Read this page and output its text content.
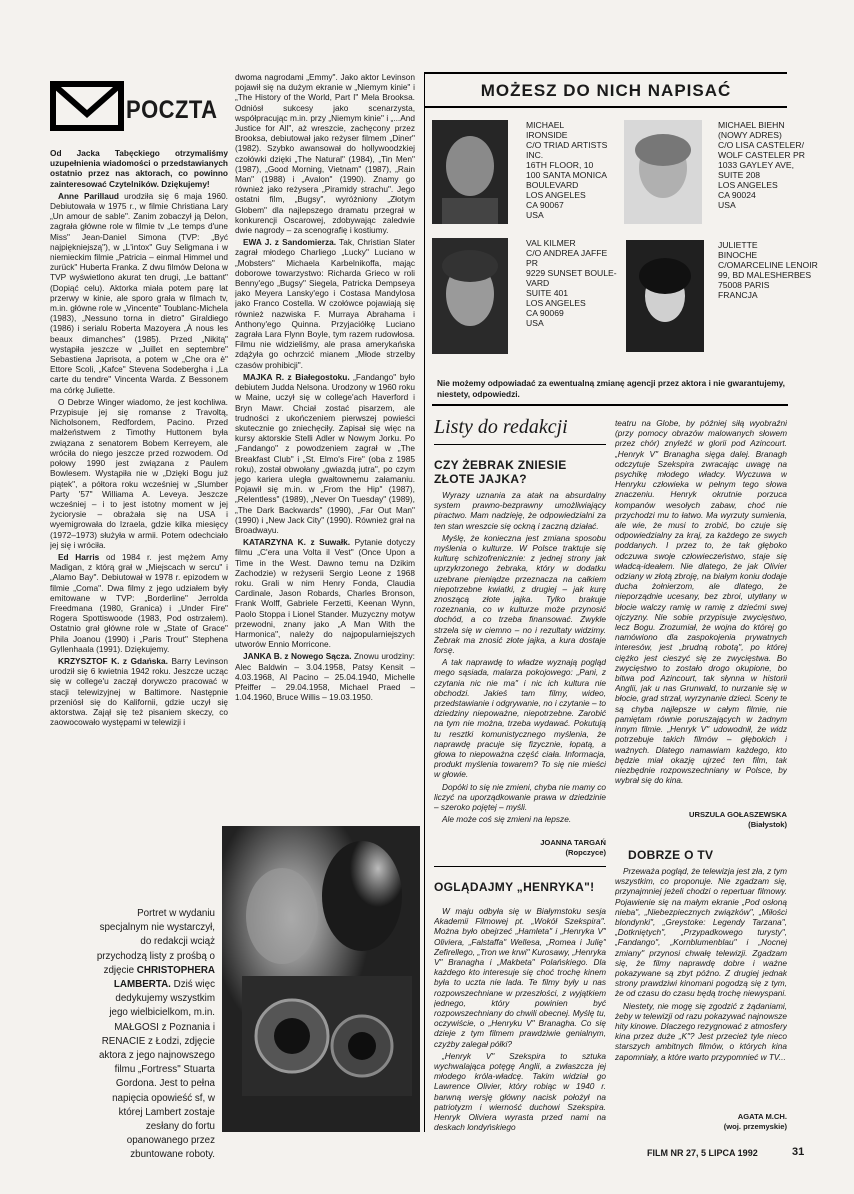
POCZTA

Od Jacka Tabęckiego otrzymaliśmy uzupełnienia wiadomości o przedstawianych ostatnio przez nas aktorach, co powinno zainteresować Czytelników. Dziękujemy!

Anne Parillaud urodziła się 6 maja 1960. Debiutowała w 1975 r., w filmie Christiana Lary „Un amour de sable". Zanim zobaczył ją Delon, zagrała główne role w filmie tv „Le temps d'une Miss" Jean-Daniel Simona (TVP: „Być najpiękniejszą"), w „L'intox" Guy Seligmana i w niemieckim filmie „Patricia – einmal Himmel und zurück" Huberta Franka. Z dwu filmów Delona w TVP wyświetlono akurat ten drugi, „Le battant" (Dopiąć celu). Aktorka miała potem parę lat przerwy w kinie, ale sporo grała w filmach tv, m.in. główne role w „Vincente" Toublanc-Michela (1983), „Nessuno torna in dietro" Giraldiego (1986) i serialu Roberta Mazoyera „À nous les beaux dimanches" (1985). Przed „Nikitą" wystąpiła jeszcze w „Juillet en septembre" Sebastiena Japrisota, a potem w „Che ora è" Ettore Scoli, „Kafce" Stevena Sodeberghа i „La carte du tendre" Vincenta Warda. Z Bessonem ma córkę Juliette.

O Debrze Winger wiadomo, że jest kochliwa. Przypisuje jej się romanse z Travoltą, Nicholsonem, Redfordem, Pacino. Przed małżeństwem z Timothy Huttonem była związana z senatorem Bobem Kerreyem, ale wróciła do niego jeszcze przed rozwodem. Od połowy 1990 jest związana z Paulem Bowlesem. Wystąpiła nie w „Dzięki Bogu już piątek", a półtora roku wcześniej w „Slumber Party '57" Williama A. Leveya. Jeszcze wcześniej – i to jest istotny moment w jej życiorysie – obrażała się na USA i wyemigrowała do Izraela, gdzie kilka miesięcy (1972–1973) służyła w armii. Potem odechciało jej się i wróciła.

Ed Harris od 1984 r. jest mężem Amy Madigan, z którą grał w „Miejscach w sercu" i „Alamo Bay". Debiutował w 1978 r. epizodem w filmie „Coma". Dwa filmy z jego udziałem były emitowane w TVP: „Borderline" Jerrolda Freedmana (1980, Granica) i „Under Fire" Rogera Spottiswoode (1983, Pod ostrzałem). Ostatnio grał główne role w „State of Grace" Phila Joanou (1990) i „Paris Trout" Stephena Gyllenhaala (1991). Dziękujemy.

KRZYSZTOF K. z Gdańska. Barry Levinson urodził się 6 kwietnia 1942 roku. Jeszcze ucząc się w college'u zaczął dorywczo pracować w stacji telewizyjnej w Baltimore. Następnie przeniósł się do Kalifornii, gdzie uczył się aktorstwa. Zajął się też pisaniem skeczy, co zaowocowało występami w telewizji i

dwoma nagrodami „Emmy". Jako aktor Levinson pojawił się na dużym ekranie w „Niemym kinie" i „The History of the World, Part I" Mela Brooksa. Odniósł sukcesy jako scenarzysta, współpracując m.in. przy „Niemym kinie" i „...And Justice for All", aż wreszcie, zachęcony przez Brooksa, debiutował jako reżyser filmem „Diner" (1982). Szybko awansował do hollywoodzkiej czołówki dzięki „The Natural" (1984), „Tin Men" (1987), „Good Morning, Vietnam" (1987), „Rain Man" (1988) i „Avalon" (1990). Znamy go również jako reżysera „Piramidy strachu". Jego ostatni film, „Bugsy", wyróżniony „Złotym Globem" dla najlepszego dramatu przegrał w konkurencji Oscarowej, zdobywając zaledwie dwie nagrody – za scenografię i kostiumy.

EWA J. z Sandomierza. Tak, Christian Slater zagrał młodego Charlіego „Lucky" Luciano w „Mobsters" Michaela Karbelnikoffa, mając doborowe towarzystwo: Richarda Grieco w roli Benny'ego „Bugsy" Siegela, Patricka Dempseya jako Meyera Lansky'ego i Costasa Mandylosa jako Franco Costella. W czołówce pojawiają się również nazwiska F. Murraya Abrahama i Anthony'ego Quinna. Przyjaciółkę Luciano zagrała Lara Flynn Boyle, tym razem rudowłosa. Filmu nie widzieliśmy, ale prasa amerykańska zdążyła go ochrzcić mianem „Młode strzelby czasów prohibicji".

MAJKA R. z Białegostoku. „Fandango" było debiutem Judda Nelsona. Urodzony w 1960 roku w Maine, uczył się w college'ach Haverford i Bryn Mawr. Chciał zostać pisarzem, ale trudności z ukończeniem pierwszej powieści skutecznie go zniechęciły. Zapisał się więc na kursy aktorskie Stelli Adler w Nowym Jorku. Po „Fandango" z powodzeniem zagrał w „The Breakfast Club" i „St. Elmo's Fire" (oba z 1985 roku), został obwołany „gwiazdą jutra", po czym jego kariera uległa gwałtownemu załamaniu. Pojawił się m.in. w „From the Hip" (1987), „Relentless" (1989), „Never On Tuesday" (1989), „The Dark Backwards" (1990), „Far Out Man" (1990) i „New Jack City" (1990). Również grał na Broadwayu.

KATARZYNA K. z Suwałk. Pytanie dotyczy filmu „C'era una Volta il Vest" (Once Upon a Time in the West. Dawno temu na Dzikim Zachodzie) w reżyserii Sergio Leone z 1968 roku. Grali w nim Henry Fonda, Claudia Cardinale, Jason Robards, Charles Bronson, Frank Wolff, Gabriele Ferzetti, Keenan Wynn, Paolo Stoppa i Lionel Stander. Muzyczny motyw przewodni, znany jako „A Man With the Harmonica", należy do najpopularniejszych utworów Ennio Morricone.

JANKA B. z Nowego Sącza. Znowu urodziny: Alec Baldwin – 3.04.1958, Patsy Kensit – 4.03.1968, Al Pacino – 25.04.1940, Michelle Pfeiffer – 29.04.1958, Michael Praed – 1.04.1960, Bruce Willis – 19.03.1950.

Portret w wydaniu specjalnym nie wystarczył, do redakcji wciąż przychodzą listy z prośbą o zdjęcie CHRISTOPHERA LAMBERTA. Dziś więc dedykujemy wszystkim jego wielbicielkom, m.in. MAŁGOSI z Poznania i RENACIE z Łodzi, zdjęcie aktora z jego najnowszego filmu „Fortress" Stuarta Gordona. Jest to pełna napięcia opowieść sf, w której Lambert zostaje zesłany do fortu opanowanego przez zbuntowane roboty.
MOŻESZ DO NICH NAPISAĆ
MICHAEL
IRONSIDE
C/O TRIAD ARTISTS
INC.
16TH FLOOR, 10
100 SANTA MONICA
BOULEVARD
LOS ANGELES
CA 90067
USA
MICHAEL BIEHN
(NOWY ADRES)
C/O LISA CASTELER/
WOLF CASTELER PR
1033 GAYLEY AVE,
SUITE 208
LOS ANGELES
CA 90024
USA
VAL KILMER
C/O ANDREA JAFFE
PR
9229 SUNSET BOULE-
VARD
SUITE 401
LOS ANGELES
CA 90069
USA
JULIETTE
BINOCHE
C/OMARCELINE LENOIR
99, BD MALESHERBES
75008 PARIS
FRANCJA
Nie możemy odpowiadać za ewentualną zmianę agencji przez aktora i nie gwarantujemy, niestety, odpowiedzi.
Listy do redakcji
CZY ŻEBRAK ZNIESIE ZŁOTE JAJKA?

Wyrazy uznania za atak na absurdalny system prawno-bezprawny umożliwiający piractwo. Mam nadzieję, że odpowiedzialni za ten stan wreszcie się ockną i zaczną działać.

Myślę, że konieczna jest zmiana sposobu myślenia o kulturze. W Polsce traktuje się kulturę schizofrenicznie: z jednej strony jak uprzykrzonego żebraka, który w dodatku uzebrane pieniądze przeznacza na całkiem niepotrzebne kwiatki, z drugiej – jak kurę znoszącą złote jajka. Tylko brakuje rozeznania, co w kulturze może przynosić dochód, a co trzeba finansować. Zwykle strzela się w ciemno – no i rezultaty widzimy. Żebrak ma znosić złote jajka, a kura dostaje forsę.

A tak naprawdę to władze wyznają pogląd mego sąsiada, malarza pokojowego: „Pani, z czytania nic nie ma" i nic ich kultura nie obchodzi. Jakieś tam filmy, wideo, przedstawianie i odgrywanie, no i czytanie – to dziedziny niepoważne, niepotrzebne. Zarobić na tym nie można, trzeba wydawać. Pokutują tu resztki komunistycznego myślenia, że naprawdę pracuje się fizycznie, łopatą, a głowa to niepoważna część ciała. Informacja, produkt myślenia towarem? To się nie mieści w głowie.

Dopóki to się nie zmieni, chyba nie mamy co liczyć na uporządkowanie prawa w dziedzinie – szeroko pojętej – myśli.

Ale może coś się zmieni na lepsze.

JOANNA TARGAŃ
(Ropczyce)
OGLĄDAJMY „HENRYKA"!

W maju odbyła się w Białymstoku sesja Akademii Filmowej pt. „Wokół Szekspira". Można było obejrzeć „Hamleta" i „Henryka V" Oliviera, „Falstaffa" Wellesa, „Romea i Julię" Zefirellego, „Tron we krwi" Kurosawy, „Henryka V" Branagha i „Makbeta" Polańskiego. Dla każdego kto interesuje się choć trochę kinem była to uczta nie lada. Te filmy były u nas rozpowszechniane w przeszłości, z wyjątkiem jednego, który powinien być rozpowszechniany do chwili obecnej. Myślę tu, oczywiście, o „Henryku V" Branagha. Co się dzieje z tym filmem prawdziwie genialnym, czyżby zalegał półki?

„Henryk V" Szekspira to sztuka wychwalająca potęgę Anglii, a zwłaszcza jej młodego króla-władcę. Takim widział go Lawrence Olivier, który robiąc w 1940 r. barwną wersję główny nacisk położył na patriotyzm i wierność duchowi Szekspira. Henryk Oliviera wyrasta przed nami na deskach londyńskiego

teatru na Globe, by później siłą wyobraźni (przy pomocy obrazów malowanych słowem przez chór) znyleźć w glorii pod Azincourt. „Henryk V" Branagha sięga dalej. Branagh odczytuje Szekspira zwracając uwagę na psychikę młodego władcy. Wyczuwa w Henryku człowieka w pełnym tego słowa znaczeniu. Henryk okrutnie porzuca kompanów wesołych zabaw, choć nie przychodzi mu to łatwo. Ma wyrzuty sumienia, ale wie, że musi to zrobić, bo czuje się odpowiedzialny za kraj, za każdego ze swych poddanych. I przez to, że tak głęboko odczuwa swoje człowieczeństwo, staje się władcą-ideałem. Nie dlatego, że jak Olivier odziany w złotą zbroję, na białym koniu dodaje ducha żołnierzom, ale dlatego, że nieporządnie ucesany, bez zbroi, utytłany w błocie walczy ramię w ramię z dziećmi swej ojczyzny. Nie sobie przypisuje zwycięstwo, lecz Bogu. Zrozumiał, że wojna do której go namówiono dla zaspokojenia prywatnych interesów, jest „brudną robotą", po której ciężko jest cieszyć się ze zwycięstwa. Bo zwycięstwo to zostało drogo okupione, bo bitwa pod Azincourt, tak słynna w historii Anglii, jak u nas Grunwald, to nurzanie się w błocie, grad strzał, wyrzynanie dzieci. Sceny te są chyba najlepsze w całym filmie, nie pamiętam równie poruszających w żadnym innym filmie. „Henryk V" udowodnił, że widz potrzebuje takich filmów – głębokich i ważnych. Dlatego namawiam każdego, kto będzie miał okazję ujrzeć ten film, tak niezbędnie rozpowszechniany w Polsce, by wybrał się do kina.

URSZULA GOŁASZEWSKA
(Białystok)
DOBRZE O TV

Przeważa pogląd, że telewizja jest zła, z tym wszystkim, co proponuje. Nie zgadzam się, przynajmniej jeżeli chodzi o repertuar filmowy. Pojawienie się na małym ekranie „Pod osłoną nieba", „Niebezpiecznych związków", „Miłości blondynki", „Greystoke: Legendy Tarzana", „Dotkniętych", „Przypadkowego turysty", „Fandango", „Kornblumenblau" i „Nocnej zmiany" przynosi chwałę telewizji. Zgadzam się, że filmy naprawdę dobre i ważne pokazywane są zbyt późno. Z drugiej jednak strony prawdziwi kinomani pogodzą się z tym, że od czasu do czasu będą trochę niewyspani.

Niestety, nie mogę się zgodzić z żądaniami, żeby w telewizji od razu pokazywać najnowsze hity kinowe. Dlaczego rezygnować z atmosfery kina przez duże „K"? Jest przecież tyle nieco starszych ambitnych filmów, o których kina zapomniały, a które warto przypomnieć w TV...

AGATA M.CH.
(woj. przemyskie)
FILM NR 27, 5 LIPCA 1992	31
